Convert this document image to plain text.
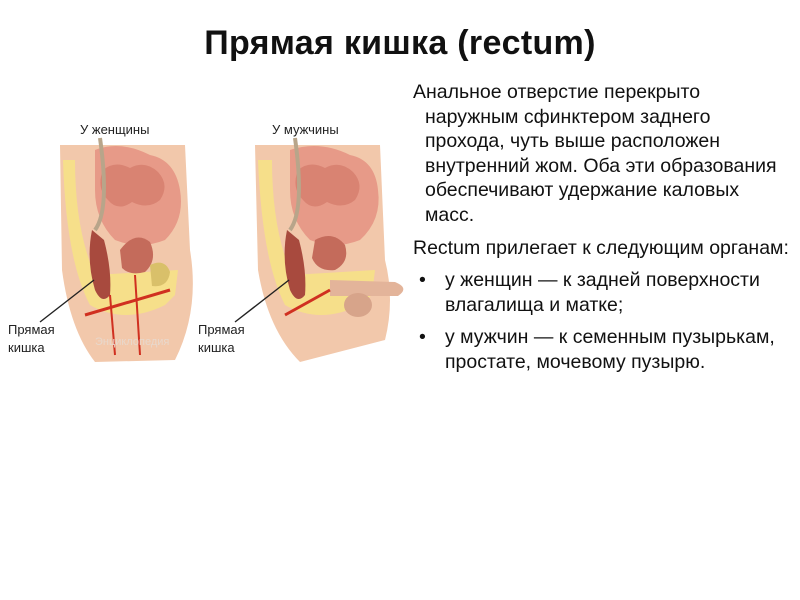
Прямая кишка (rectum)
У женщины	У мужчины
Прямая
кишка
Прямая
кишка
Энциклопедия

Анальное отверстие перекрыто наружным сфинктером заднего прохода, чуть выше расположен внутренний жом. Оба эти образования обеспечивают удержание каловых масс.

Rectum прилегает к следующим органам:

• у женщин — к задней поверхности влагалища и матке;
• у мужчин — к семенным пузырькам, простате, мочевому пузырю.
